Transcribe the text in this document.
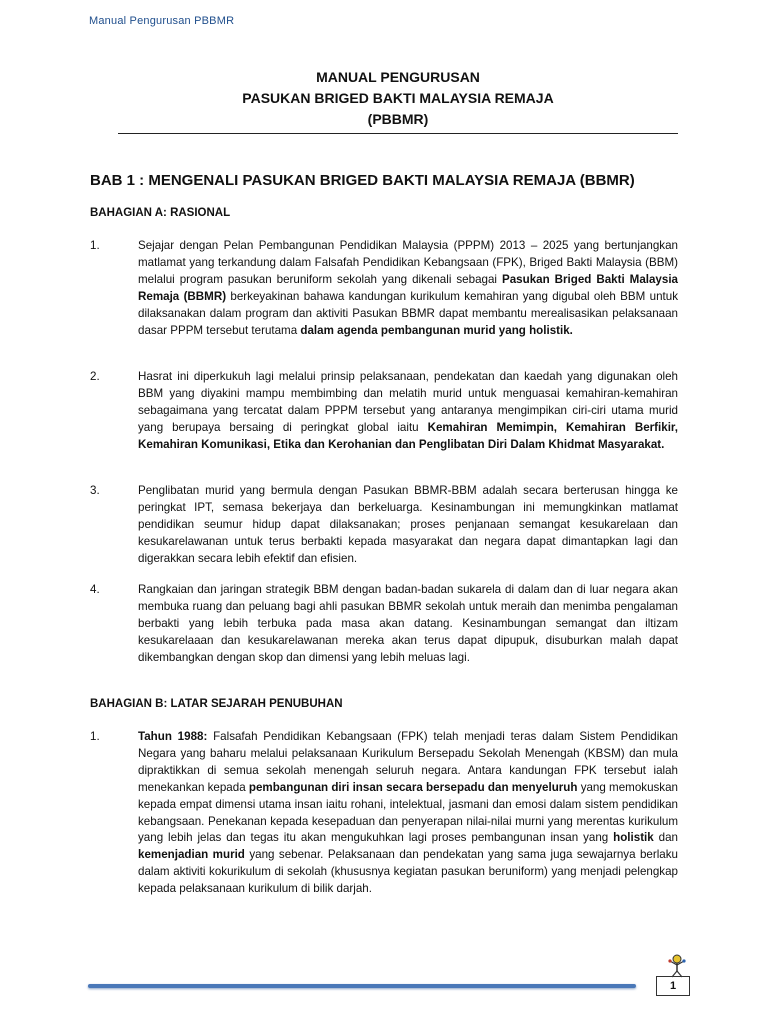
Manual Pengurusan PBBMR
MANUAL PENGURUSAN
PASUKAN BRIGED BAKTI MALAYSIA REMAJA
(PBBMR)
BAB 1 : MENGENALI PASUKAN BRIGED BAKTI MALAYSIA REMAJA (BBMR)
BAHAGIAN A: RASIONAL
1.	Sejajar dengan Pelan Pembangunan Pendidikan Malaysia (PPPM) 2013 – 2025 yang bertunjangkan matlamat yang terkandung dalam Falsafah Pendidikan Kebangsaan (FPK), Briged Bakti Malaysia (BBM) melalui program pasukan beruniform sekolah yang dikenali sebagai Pasukan Briged Bakti Malaysia Remaja (BBMR) berkeyakinan bahawa kandungan kurikulum kemahiran yang digubal oleh BBM untuk dilaksanakan dalam program dan aktiviti Pasukan BBMR dapat membantu merealisasikan pelaksanaan dasar PPPM tersebut terutama dalam agenda pembangunan murid yang holistik.
2.	Hasrat ini diperkukuh lagi melalui prinsip pelaksanaan, pendekatan dan kaedah yang digunakan oleh BBM yang diyakini mampu membimbing dan melatih murid untuk menguasai kemahiran-kemahiran sebagaimana yang tercatat dalam PPPM tersebut yang antaranya mengimpikan ciri-ciri utama murid yang berupaya bersaing di peringkat global iaitu Kemahiran Memimpin, Kemahiran Berfikir, Kemahiran Komunikasi, Etika dan Kerohanian dan Penglibatan Diri Dalam Khidmat Masyarakat.
3.	Penglibatan murid yang bermula dengan Pasukan BBMR-BBM adalah secara berterusan hingga ke peringkat IPT, semasa bekerjaya dan berkeluarga. Kesinambungan ini memungkinkan matlamat pendidikan seumur hidup dapat dilaksanakan; proses penjanaan semangat kesukarelaan dan kesukarelawanan untuk terus berbakti kepada masyarakat dan negara dapat dimantapkan lagi dan digerakkan secara lebih efektif dan efisien.
4.	Rangkaian dan jaringan strategik BBM dengan badan-badan sukarela di dalam dan di luar negara akan membuka ruang dan peluang bagi ahli pasukan BBMR sekolah untuk meraih dan menimba pengalaman berbakti yang lebih terbuka pada masa akan datang. Kesinambungan semangat dan iltizam kesukarelaaan dan kesukarelawanan mereka akan terus dapat dipupuk, disuburkan malah dapat dikembangkan dengan skop dan dimensi yang lebih meluas lagi.
BAHAGIAN B: LATAR SEJARAH PENUBUHAN
1.	Tahun 1988: Falsafah Pendidikan Kebangsaan (FPK) telah menjadi teras dalam Sistem Pendidikan Negara yang baharu melalui pelaksanaan Kurikulum Bersepadu Sekolah Menengah (KBSM) dan mula dipraktikkan di semua sekolah menengah seluruh negara. Antara kandungan FPK tersebut ialah menekankan kepada pembangunan diri insan secara bersepadu dan menyeluruh yang memokuskan kepada empat dimensi utama insan iaitu rohani, intelektual, jasmani dan emosi dalam sistem pendidikan kebangsaan. Penekanan kepada kesepaduan dan penyerapan nilai-nilai murni yang merentas kurikulum yang lebih jelas dan tegas itu akan mengukuhkan lagi proses pembangunan insan yang holistik dan kemenjadian murid yang sebenar. Pelaksanaan dan pendekatan yang sama juga sewajarnya berlaku dalam aktiviti kokurikulum di sekolah (khususnya kegiatan pasukan beruniform) yang menjadi pelengkap kepada pelaksanaan kurikulum di bilik darjah.
1
